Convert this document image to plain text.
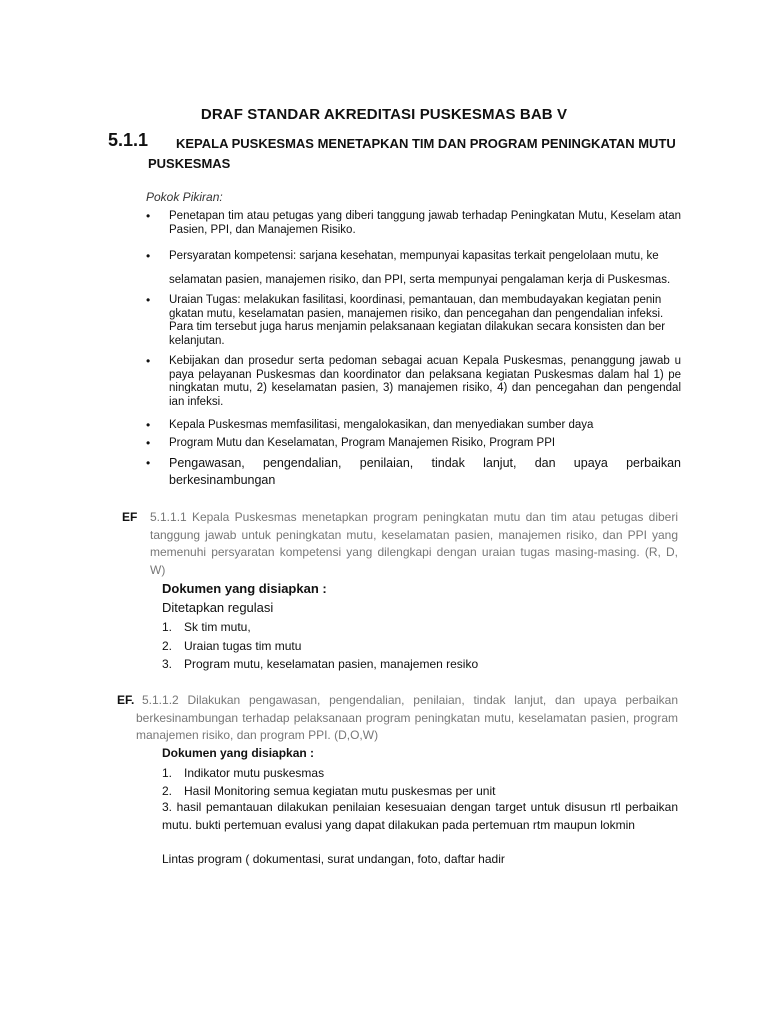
DRAF STANDAR AKREDITASI PUSKESMAS BAB V
5.1.1	KEPALA PUSKESMAS MENETAPKAN TIM DAN PROGRAM PENINGKATAN MUTU PUSKESMAS
Pokok Pikiran:
• Penetapan tim atau petugas yang diberi tanggung jawab terhadap Peningkatan Mutu, Keselam atan Pasien, PPI, dan Manajemen Risiko.
• Persyaratan kompetensi: sarjana kesehatan, mempunyai kapasitas terkait pengelolaan mutu, ke
selamatan pasien, manajemen risiko, dan PPI, serta mempunyai pengalaman kerja di Puskesmas.
• Uraian Tugas: melakukan fasilitasi, koordinasi, pemantauan, dan membudayakan kegiatan penin gkatan mutu, keselamatan pasien, manajemen risiko, dan pencegahan dan pengendalian infeksi. Para tim tersebut juga harus menjamin pelaksanaan kegiatan dilakukan secara konsisten dan ber kelanjutan.
• Kebijakan dan prosedur serta pedoman sebagai acuan Kepala Puskesmas, penanggung jawab u paya pelayanan Puskesmas dan koordinator dan pelaksana kegiatan Puskesmas dalam hal 1) pe ningkatan mutu, 2) keselamatan pasien, 3) manajemen risiko, 4) dan pencegahan dan pengendal ian infeksi.
• Kepala Puskesmas memfasilitasi, mengalokasikan, dan menyediakan sumber daya
• Program Mutu dan Keselamatan, Program Manajemen Risiko, Program PPI
• Pengawasan, pengendalian, penilaian, tindak lanjut, dan upaya perbaikan berkesinambungan
EF 5.1.1.1 Kepala Puskesmas menetapkan program peningkatan mutu dan tim atau petugas diberi tanggung jawab untuk peningkatan mutu, keselamatan pasien, manajemen risiko, dan PPI yang memenuhi persyaratan kompetensi yang dilengkapi dengan uraian tugas masing-masing. (R, D, W)
Dokumen yang disiapkan :
Ditetapkan regulasi
1. Sk tim mutu,
2. Uraian tugas tim mutu
3. Program mutu, keselamatan pasien, manajemen resiko
EF. 5.1.1.2 Dilakukan pengawasan, pengendalian, penilaian, tindak lanjut, dan upaya perbaikan berkesinambungan terhadap pelaksanaan program peningkatan mutu, keselamatan pasien, program manajemen risiko, dan program PPI. (D,O,W)
Dokumen yang disiapkan :
1. Indikator mutu puskesmas
2. Hasil Monitoring semua kegiatan mutu puskesmas per unit
3. hasil pemantauan dilakukan penilaian kesesuaian dengan target untuk disusun rtl perbaikan mutu. bukti pertemuan evalusi yang dapat dilakukan pada pertemuan rtm maupun lokmin
Lintas program ( dokumentasi, surat undangan, foto, daftar hadir
